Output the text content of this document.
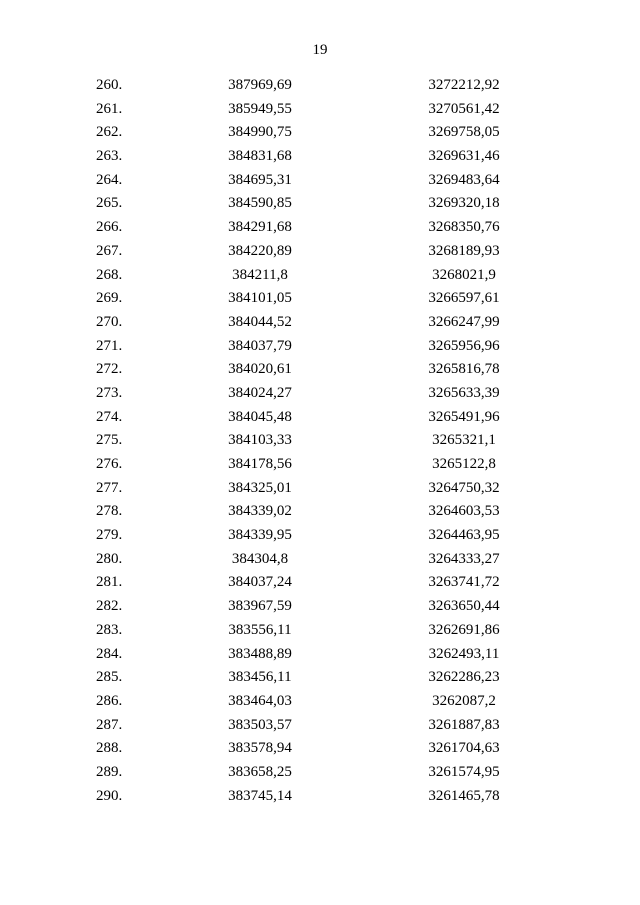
19
260.	387969,69	3272212,92
261.	385949,55	3270561,42
262.	384990,75	3269758,05
263.	384831,68	3269631,46
264.	384695,31	3269483,64
265.	384590,85	3269320,18
266.	384291,68	3268350,76
267.	384220,89	3268189,93
268.	384211,8	3268021,9
269.	384101,05	3266597,61
270.	384044,52	3266247,99
271.	384037,79	3265956,96
272.	384020,61	3265816,78
273.	384024,27	3265633,39
274.	384045,48	3265491,96
275.	384103,33	3265321,1
276.	384178,56	3265122,8
277.	384325,01	3264750,32
278.	384339,02	3264603,53
279.	384339,95	3264463,95
280.	384304,8	3264333,27
281.	384037,24	3263741,72
282.	383967,59	3263650,44
283.	383556,11	3262691,86
284.	383488,89	3262493,11
285.	383456,11	3262286,23
286.	383464,03	3262087,2
287.	383503,57	3261887,83
288.	383578,94	3261704,63
289.	383658,25	3261574,95
290.	383745,14	3261465,78
